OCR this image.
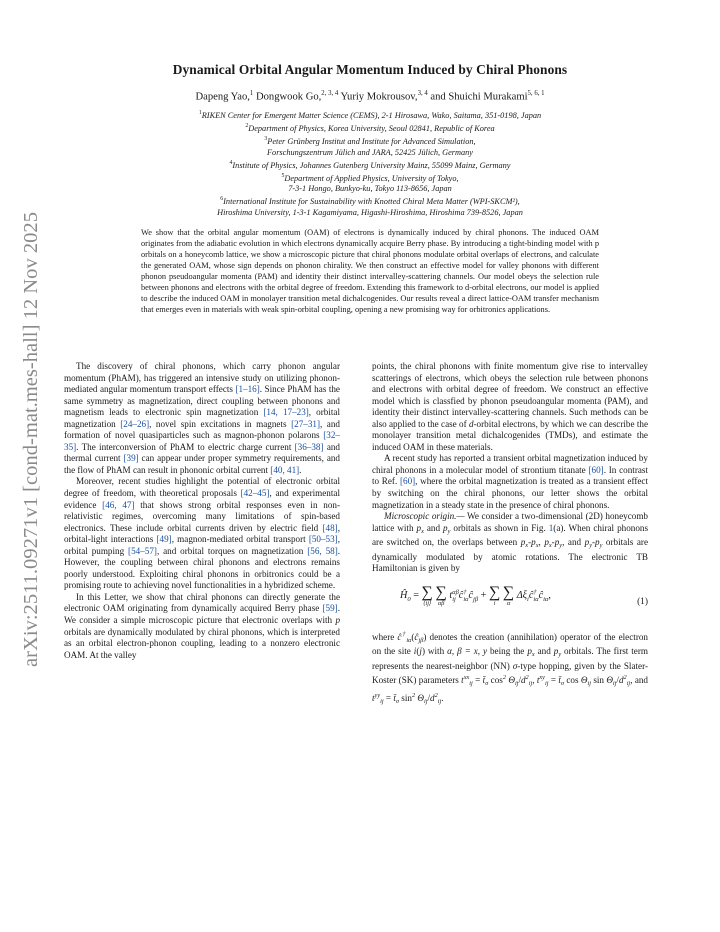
arXiv:2511.09271v1 [cond-mat.mes-hall] 12 Nov 2025
Dynamical Orbital Angular Momentum Induced by Chiral Phonons
Dapeng Yao,$^1$ Dongwook Go,$^{2, 3, 4}$ Yuriy Mokrousov,$^{3, 4}$ and Shuichi Murakami$^{5, 6, 1}$
$^1$RIKEN Center for Emergent Matter Science (CEMS), 2-1 Hirosawa, Wako, Saitama, 351-0198, Japan
$^2$Department of Physics, Korea University, Seoul 02841, Republic of Korea
$^3$Peter Grünberg Institut and Institute for Advanced Simulation,
Forschungszentrum Jülich and JARA, 52425 Jülich, Germany
$^4$Institute of Physics, Johannes Gutenberg University Mainz, 55099 Mainz, Germany
$^5$Department of Applied Physics, University of Tokyo,
7-3-1 Hongo, Bunkyo-ku, Tokyo 113-8656, Japan
$^6$International Institute for Sustainability with Knotted Chiral Meta Matter (WPI-SKCM²),
Hiroshima University, 1-3-1 Kagamiyama, Higashi-Hiroshima, Hiroshima 739-8526, Japan
We show that the orbital angular momentum (OAM) of electrons is dynamically induced by chiral phonons. The induced OAM originates from the adiabatic evolution in which electrons dynamically acquire Berry phase. By introducing a tight-binding model with p orbitals on a honeycomb lattice, we show a microscopic picture that chiral phonons modulate orbital overlaps of electrons, and calculate the generated OAM, whose sign depends on phonon chirality. We then construct an effective model for valley phonons with different phonon pseudoangular momenta (PAM) and identity their distinct intervalley-scattering channels. Our model obeys the selection rule between phonons and electrons with the orbital degree of freedom. Extending this framework to d-orbital electrons, our model is applied to describe the induced OAM in monolayer transition metal dichalcogenides. Our results reveal a direct lattice-OAM transfer mechanism that emerges even in materials with weak spin-orbital coupling, opening a new promising way for orbitronics applications.

The discovery of chiral phonons, which carry phonon angular momentum (PhAM), has triggered an intensive study on utilizing phonon-mediated angular momentum transport effects [1–16]. Since PhAM has the same symmetry as magnetization, direct coupling between phonons and magnetism leads to electronic spin magnetization [14, 17–23], orbital magnetization [24–26], novel spin excitations in magnets [27–31], and formation of novel quasiparticles such as magnon-phonon polarons [32–35]. The interconversion of PhAM to electric charge current [36–38] and thermal current [39] can appear under proper symmetry requirements, and the flow of PhAM can result in phononic orbital current [40, 41].

Moreover, recent studies highlight the potential of electronic orbital degree of freedom, with theoretical proposals [42–45], and experimental evidence [46, 47] that shows strong orbital responses even in non-relativistic regimes, overcoming many limitations of spin-based electronics. These include orbital currents driven by electric field [48], orbital-light interactions [49], magnon-mediated orbital transport [50–53], orbital pumping [54–57], and orbital torques on magnetization [56, 58]. However, the coupling between chiral phonons and electrons remains poorly understood. Exploiting chiral phonons in orbitronics could be a promising route to achieving novel functionalities in a hybridized scheme.

In this Letter, we show that chiral phonons can directly generate the electronic OAM originating from dynamically acquired Berry phase [59]. We consider a simple microscopic picture that electronic overlaps with p orbitals are dynamically modulated by chiral phonons, which is interpreted as an orbital electron-phonon coupling, leading to a nonzero electronic OAM. At the valley

points, the chiral phonons with finite momentum give rise to intervalley scatterings of electrons, which obeys the selection rule between phonons and electrons with orbital degree of freedom. We construct an effective model which is classfied by phonon pseudoangular momenta (PAM), and identity their distinct intervalley-scattering channels. Such methods can be also applied to the case of d-orbital electrons, by which we can describe the monolayer transition metal dichalcogenides (TMDs), and estimate the induced OAM in these materials.

A recent study has reported a transient orbital magnetization induced by chiral phonons in a molecular model of strontium titanate [60]. In contrast to Ref. [60], where the orbital magnetization is treated as a transient effect by switching on the chiral phonons, our letter shows the orbital magnetization in a steady state in the presence of chiral phonons.

Microscopic origin.— We consider a two-dimensional (2D) honeycomb lattice with $p_x$ and $p_y$ orbitals as shown in Fig. 1(a). When chiral phonons are switched on, the overlaps between $p_x-p_x$, $p_x-p_y$, and $p_y-p_y$ orbitals are dynamically modulated by atomic rotations. The electronic TB Hamiltonian is given by

$Ĥ_0$ = ∑
⟨ij⟩

∑
αβ
t αβ
ij ĉ †
iα $ĉ_{j\beta}$ + ∑
i

∑
α
$\Delta\xi_iĉ$ †
iα $ĉ_{i\alpha}$,
(1)

where $ĉ^\dagger_{i\alpha}(ĉ_{j\beta})$ denotes the creation (annihilation) operator of the electron on the site i(j) with α, β = x, y being the $p_x$ and $p_y$ orbitals. The first term represents the nearest-neighbor (NN) σ-type hopping, given by the Slater-Koster (SK) parameters $t^{xx}_{ij}$ = $t̄_\sigma$ $\cos^2 \Theta_{ij}/d^2_{ij}$, $t^{xy}_{ij}$ = $t̄_\sigma$ $\cos \Theta_{ij}$ $\sin \Theta_{ij}/d^2_{ij}$, and $t^{yy}_{ij}$ = $t̄_\sigma$ $\sin^2 \Theta_{ij}/d^2_{ij}$.
